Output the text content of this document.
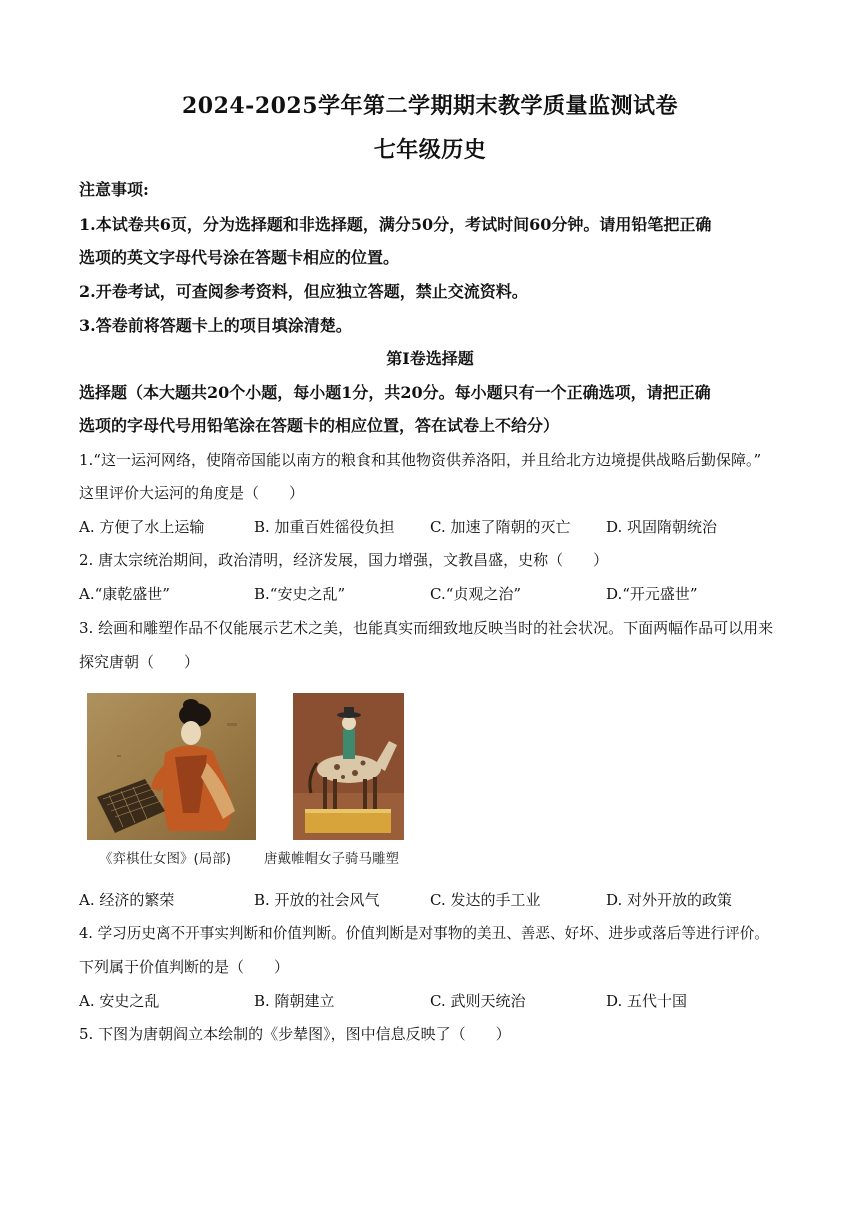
2024-2025学年第二学期期末教学质量监测试卷
七年级历史
注意事项:
1.本试卷共6页，分为选择题和非选择题，满分50分，考试时间60分钟。请用铅笔把正确
选项的英文字母代号涂在答题卡相应的位置。
2.开卷考试，可查阅参考资料，但应独立答题，禁止交流资料。
3.答卷前将答题卡上的项目填涂清楚。
第Ⅰ卷选择题
选择题（本大题共20个小题，每小题1分，共20分。每小题只有一个正确选项，请把正确
选项的字母代号用铅笔涂在答题卡的相应位置，答在试卷上不给分）
1.“这一运河网络，使隋帝国能以南方的粮食和其他物资供养洛阳，并且给北方边境提供战略后勤保障。”
这里评价大运河的角度是（　　）
A. 方便了水上运输	B. 加重百姓徭役负担 C. 加速了隋朝的灭亡 D. 巩固隋朝统治
2. 唐太宗统治期间，政治清明，经济发展，国力增强，文教昌盛，史称（　　）
A.“康乾盛世”	B.“安史之乱”	C.“贞观之治”	D.“开元盛世”
3. 绘画和雕塑作品不仅能展示艺术之美，也能真实而细致地反映当时的社会状况。下面两幅作品可以用来
探究唐朝（　　）
《弈棋仕女图》(局部) 唐戴帷帽女子骑马雕塑
A. 经济的繁荣	B. 开放的社会风气	C. 发达的手工业	D. 对外开放的政策
4. 学习历史离不开事实判断和价值判断。价值判断是对事物的美丑、善恶、好坏、进步或落后等进行评价。
下列属于价值判断的是（　　）
A. 安史之乱	B. 隋朝建立	C. 武则天统治	D. 五代十国
5. 下图为唐朝阎立本绘制的《步辇图》，图中信息反映了（　　）
